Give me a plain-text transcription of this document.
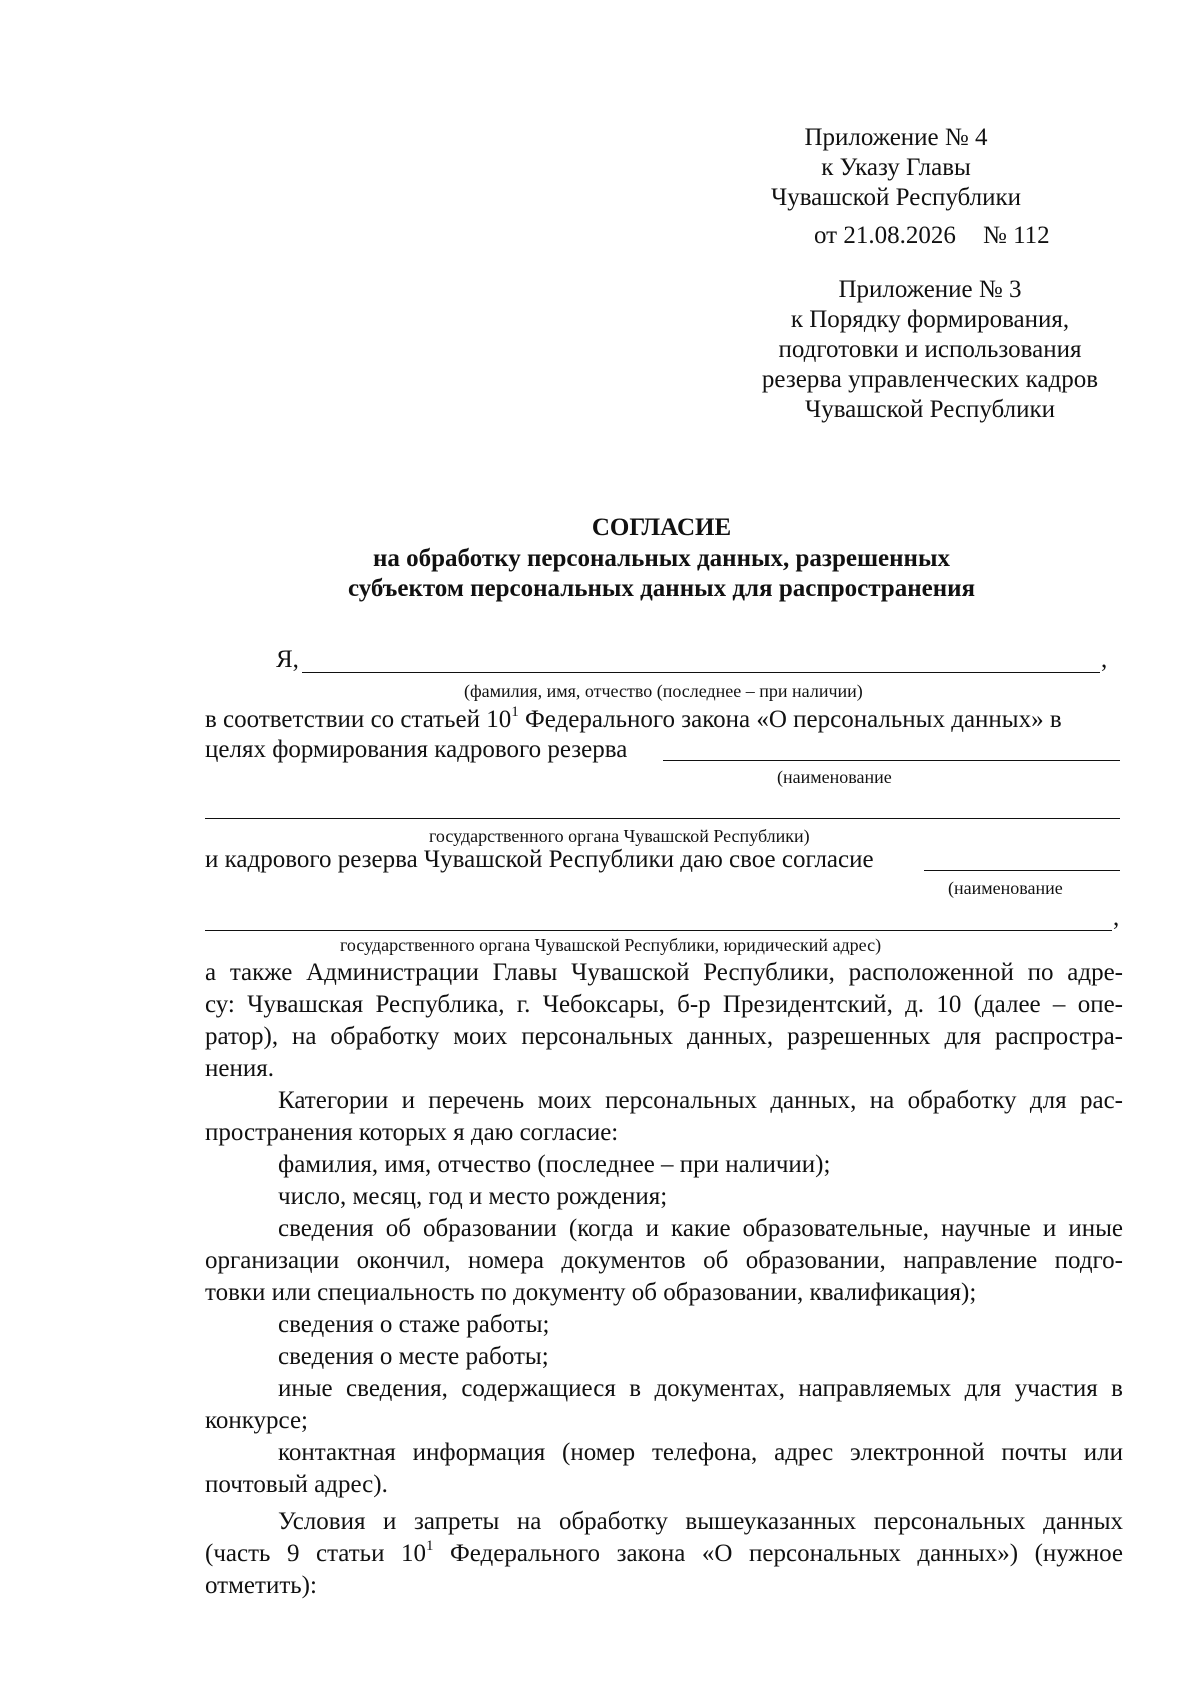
Приложение № 4
к Указу Главы
Чувашской Республики
от 21.08.2026 № 112
Приложение № 3
к Порядку формирования,
подготовки и использования
резерва управленческих кадров
Чувашской Республики
СОГЛАСИЕ
на обработку персональных данных, разрешенных
субъектом персональных данных для распространения
Я,	,
(фамилия, имя, отчество (последнее – при наличии)
в соответствии со статьей $10^1$ Федерального закона «О персональных данных» в
целях формирования кадрового резерва
(наименование
государственного органа Чувашской Республики)
и кадрового резерва Чувашской Республики даю свое согласие
(наименование
,
государственного органа Чувашской Республики, юридический адрес)
а также Администрации Главы Чувашской Республики, расположенной по адре-
су: Чувашская Республика, г. Чебоксары, б-р Президентский, д. 10 (далее – опе-
ратор), на обработку моих персональных данных, разрешенных для распростра-
нения.
Категории и перечень моих персональных данных, на обработку для рас-
пространения которых я даю согласие:
фамилия, имя, отчество (последнее – при наличии);
число, месяц, год и место рождения;
сведения об образовании (когда и какие образовательные, научные и иные
организации окончил, номера документов об образовании, направление подго-
товки или специальность по документу об образовании, квалификация);
сведения о стаже работы;
сведения о месте работы;
иные сведения, содержащиеся в документах, направляемых для участия в
конкурсе;
контактная информация (номер телефона, адрес электронной почты или
почтовый адрес).
Условия и запреты на обработку вышеуказанных персональных данных
(часть 9 статьи $10^1$ Федерального закона «О персональных данных») (нужное
отметить):
